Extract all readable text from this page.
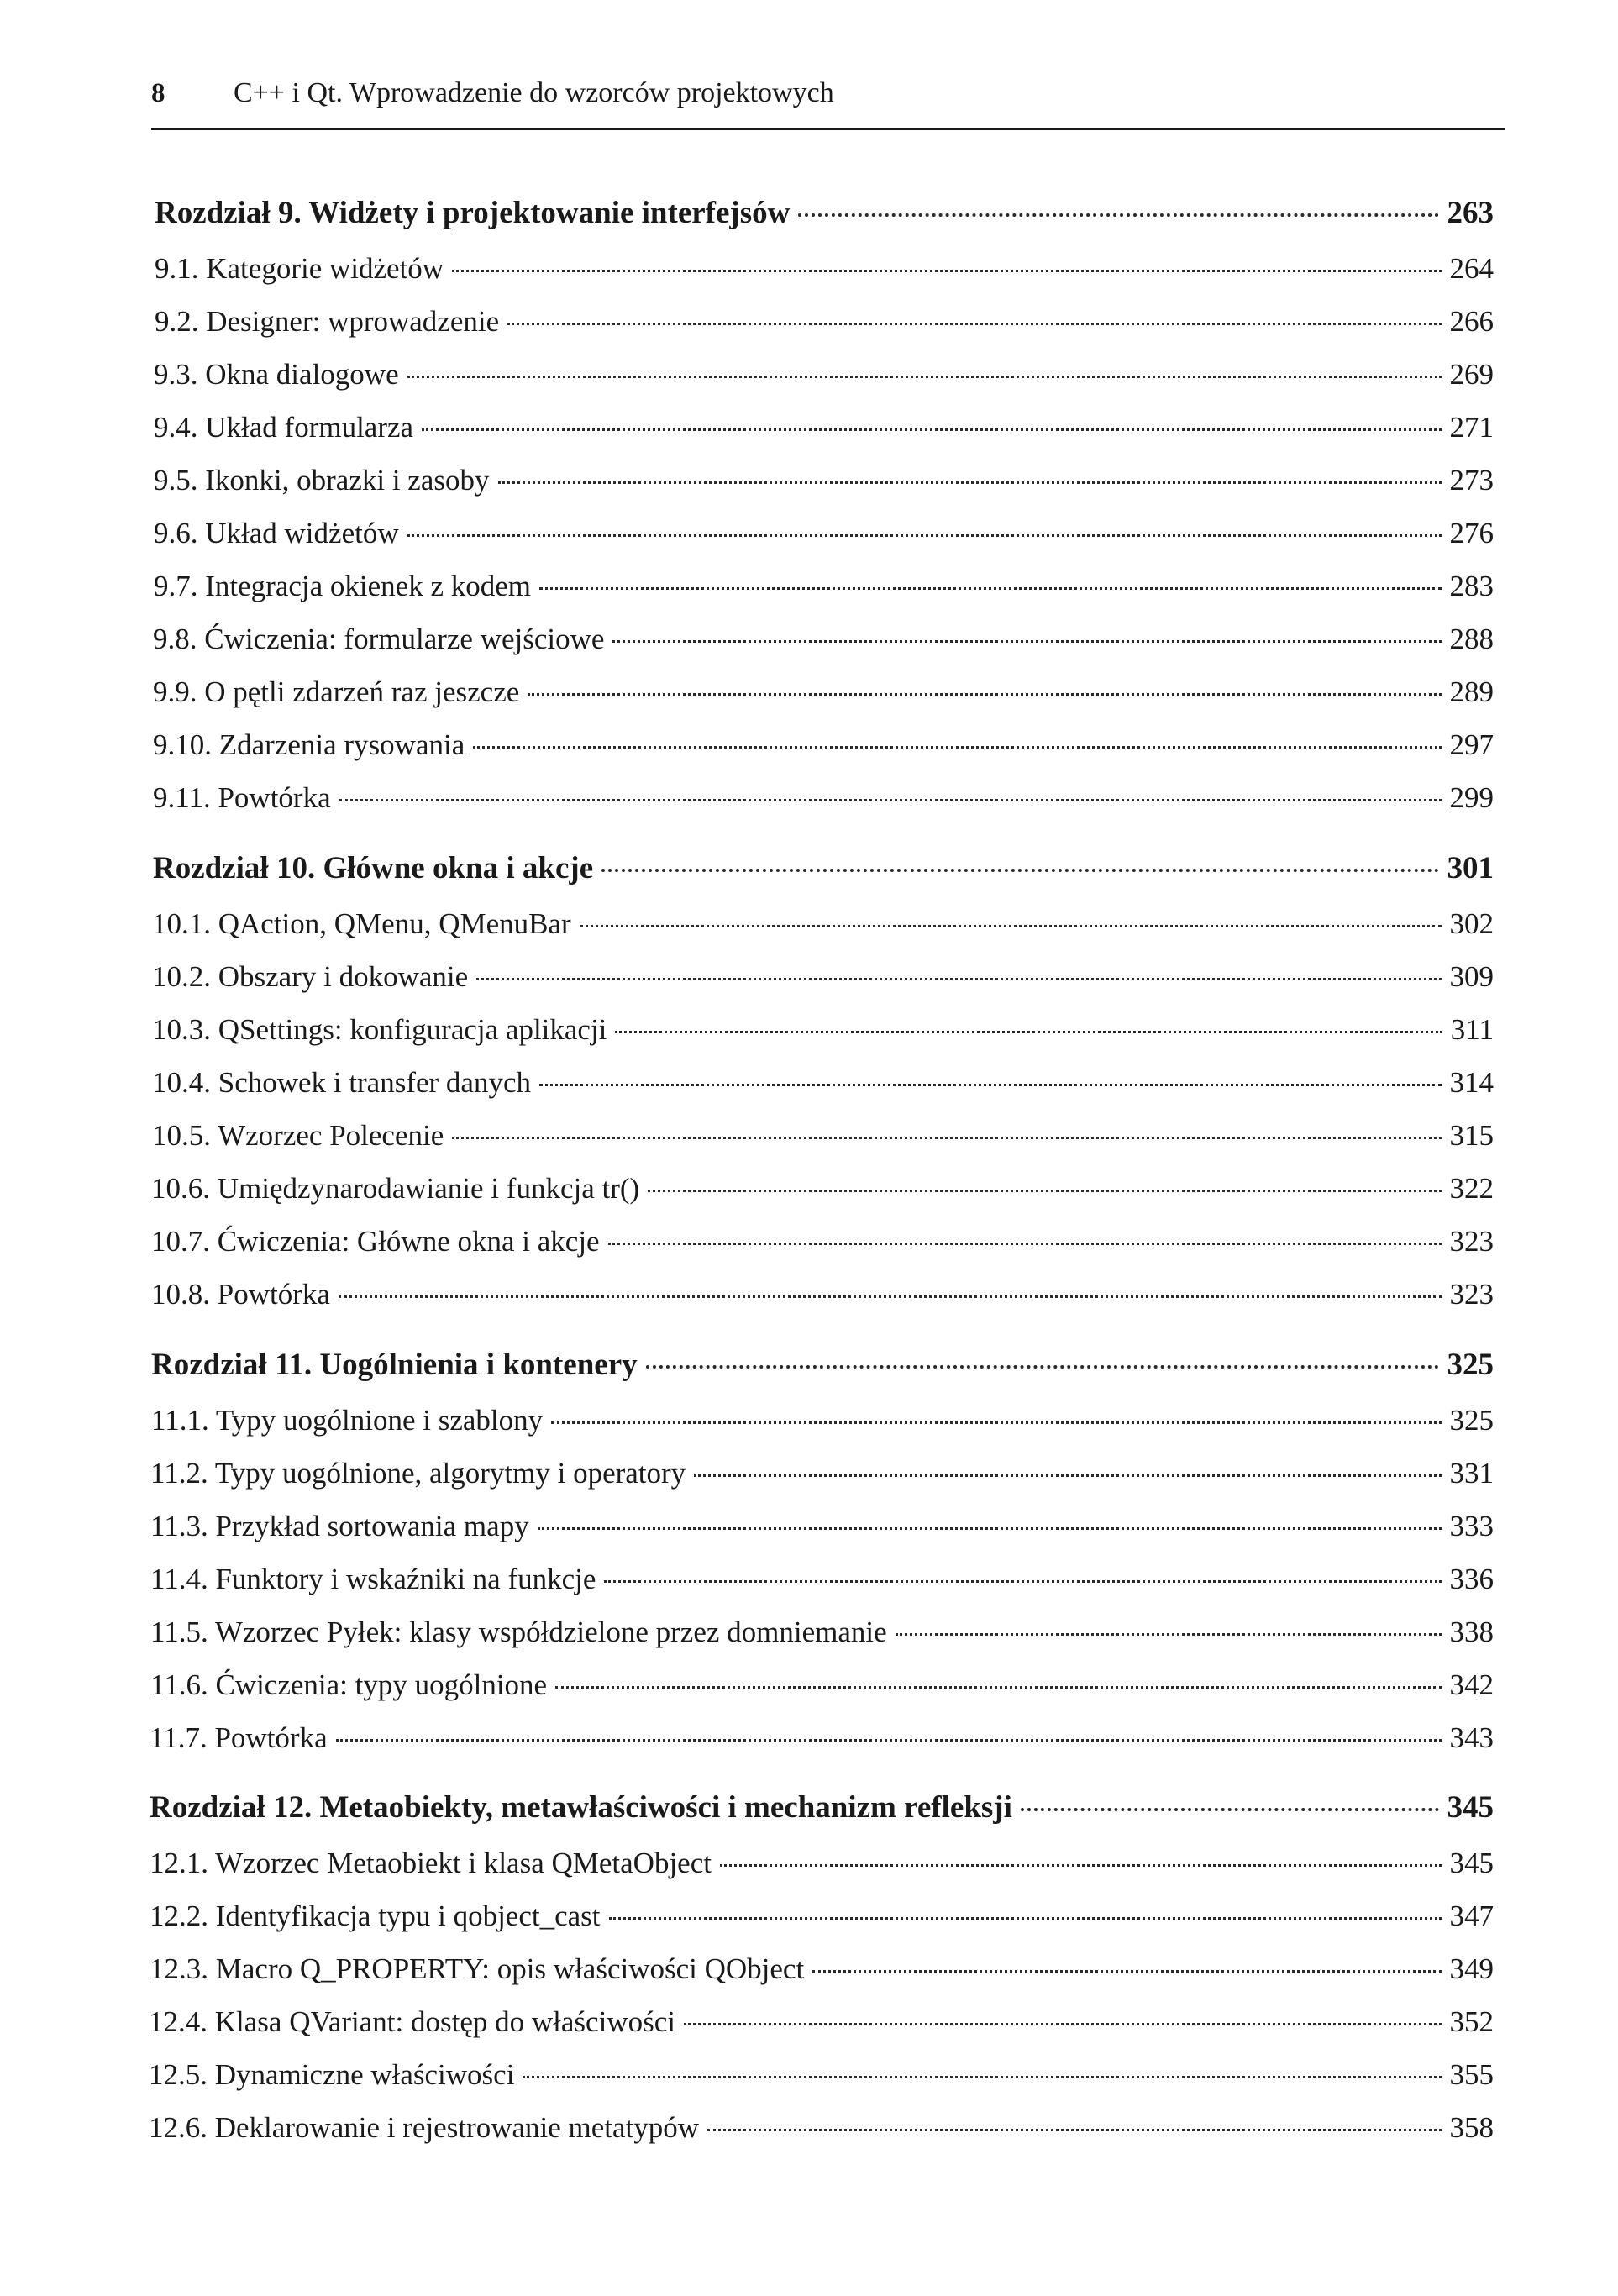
8	C++ i Qt. Wprowadzenie do wzorców projektowych
Rozdział 9. Widżety i projektowanie interfejsów	263
9.1. Kategorie widżetów	264
9.2. Designer: wprowadzenie	266
9.3. Okna dialogowe	269
9.4. Układ formularza	271
9.5. Ikonki, obrazki i zasoby	273
9.6. Układ widżetów	276
9.7. Integracja okienek z kodem	283
9.8. Ćwiczenia: formularze wejściowe	288
9.9. O pętli zdarzeń raz jeszcze	289
9.10. Zdarzenia rysowania	297
9.11. Powtórka	299
Rozdział 10. Główne okna i akcje	301
10.1. QAction, QMenu, QMenuBar	302
10.2. Obszary i dokowanie	309
10.3. QSettings: konfiguracja aplikacji	311
10.4. Schowek i transfer danych	314
10.5. Wzorzec Polecenie	315
10.6. Umiędzynarodawianie i funkcja tr()	322
10.7. Ćwiczenia: Główne okna i akcje	323
10.8. Powtórka	323
Rozdział 11. Uogólnienia i kontenery	325
11.1. Typy uogólnione i szablony	325
11.2. Typy uogólnione, algorytmy i operatory	331
11.3. Przykład sortowania mapy	333
11.4. Funktory i wskaźniki na funkcje	336
11.5. Wzorzec Pyłek: klasy współdzielone przez domniemanie	338
11.6. Ćwiczenia: typy uogólnione	342
11.7. Powtórka	343
Rozdział 12. Metaobiekty, metawłaściwości i mechanizm refleksji	345
12.1. Wzorzec Metaobiekt i klasa QMetaObject	345
12.2. Identyfikacja typu i qobject_cast	347
12.3. Macro Q_PROPERTY: opis właściwości QObject	349
12.4. Klasa QVariant: dostęp do właściwości	352
12.5. Dynamiczne właściwości	355
12.6. Deklarowanie i rejestrowanie metatypów	358
